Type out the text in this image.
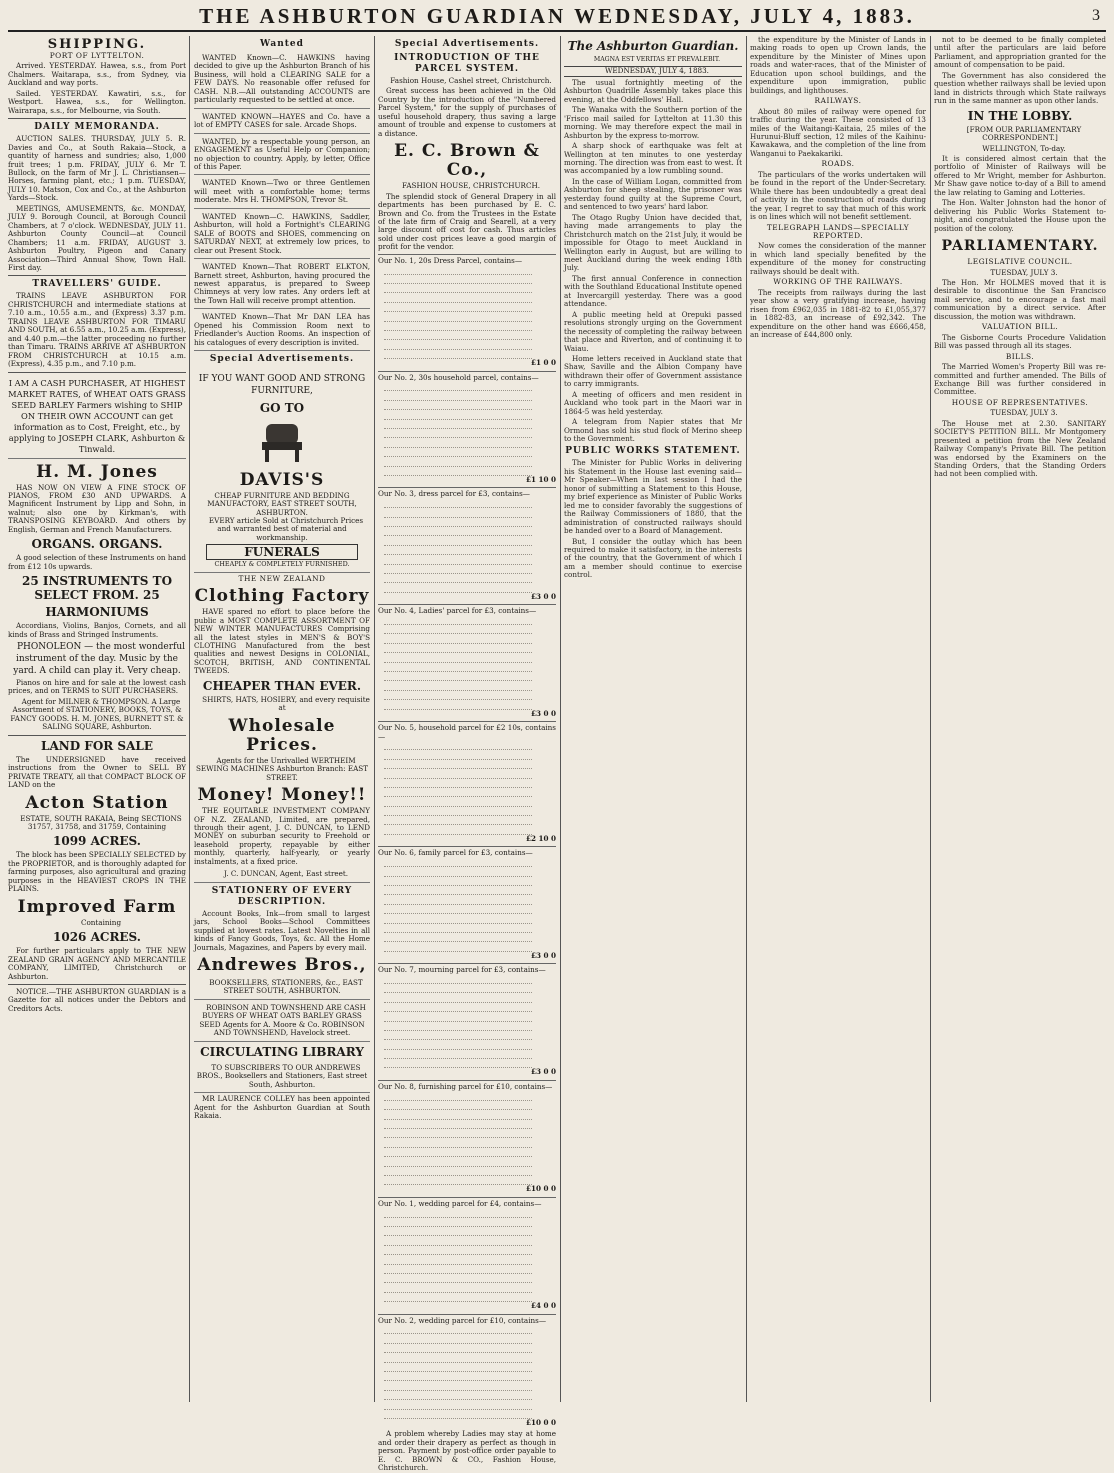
THE ASHBURTON GUARDIAN WEDNESDAY, JULY 4, 1883.	3
SHIPPING.
PORT OF LYTTELTON.

Arrived. YESTERDAY. Hawea, s.s., from Port Chalmers. Waitarapa, s.s., from Sydney, via Auckland and way ports.

Sailed. YESTERDAY. Kawatiri, s.s., for Westport. Hawea, s.s., for Wellington. Wairarapa, s.s., for Melbourne, via South.

DAILY MEMORANDA.

AUCTION SALES. THURSDAY, JULY 5. R. Davies and Co., at South Rakaia—Stock, a quantity of harness and sundries; also, 1,000 fruit trees; 1 p.m. FRIDAY, JULY 6. Mr T. Bullock, on the farm of Mr J. L. Christiansen—Horses, farming plant, etc.; 1 p.m. TUESDAY, JULY 10. Matson, Cox and Co., at the Ashburton Yards—Stock.

MEETINGS, AMUSEMENTS, &c. MONDAY, JULY 9. Borough Council, at Borough Council Chambers, at 7 o'clock. WEDNESDAY, JULY 11. Ashburton County Council—at Council Chambers; 11 a.m. FRIDAY, AUGUST 3. Ashburton Poultry, Pigeon and Canary Association—Third Annual Show, Town Hall. First day.

TRAVELLERS' GUIDE.

TRAINS LEAVE ASHBURTON FOR CHRISTCHURCH and intermediate stations at 7.10 a.m., 10.55 a.m., and (Express) 3.37 p.m. TRAINS LEAVE ASHBURTON FOR TIMARU AND SOUTH, at 6.55 a.m., 10.25 a.m. (Express), and 4.40 p.m.—the latter proceeding no further than Timaru. TRAINS ARRIVE AT ASHBURTON FROM CHRISTCHURCH at 10.15 a.m. (Express), 4.35 p.m., and 7.10 p.m.

I AM A CASH PURCHASER, AT HIGHEST MARKET RATES, of WHEAT OATS GRASS SEED BARLEY Farmers wishing to SHIP ON THEIR OWN ACCOUNT can get information as to Cost, Freight, etc., by applying to JOSEPH CLARK, Ashburton & Tinwald.
H. M. Jones

HAS NOW ON VIEW A FINE STOCK OF PIANOS, FROM £30 AND UPWARDS. A Magnificent Instrument by Lipp and Sohn, in walnut; also one by Kirkman's, with TRANSPOSING KEYBOARD. And others by English, German and French Manufacturers.

ORGANS. ORGANS.

A good selection of these Instruments on hand from £12 10s upwards.

25 INSTRUMENTS TO SELECT FROM. 25
HARMONIUMS

Accordians, Violins, Banjos, Cornets, and all kinds of Brass and Stringed Instruments.

PHONOLEON — the most wonderful instrument of the day. Music by the yard. A child can play it. Very cheap.

Pianos on hire and for sale at the lowest cash prices, and on TERMS to SUIT PURCHASERS.

Agent for MILNER & THOMPSON. A Large Assortment of STATIONERY, BOOKS, TOYS, & FANCY GOODS. H. M. JONES, BURNETT ST. & SALING SQUARE, Ashburton.

LAND FOR SALE

The UNDERSIGNED have received instructions from the Owner to SELL BY PRIVATE TREATY, all that COMPACT BLOCK OF LAND on the

Acton Station

ESTATE, SOUTH RAKAIA, Being SECTIONS 31757, 31758, and 31759, Containing

1099 ACRES.

The block has been SPECIALLY SELECTED by the PROPRIETOR, and is thoroughly adapted for farming purposes, also agricultural and grazing purposes in the HEAVIEST CROPS IN THE PLAINS.

Improved Farm

Containing

1026 ACRES.

For further particulars apply to THE NEW ZEALAND GRAIN AGENCY AND MERCANTILE COMPANY, LIMITED, Christchurch or Ashburton.

NOTICE.—THE ASHBURTON GUARDIAN is a Gazette for all notices under the Debtors and Creditors Acts.

Wanted

WANTED Known—C. HAWKINS having decided to give up the Ashburton Branch of his Business, will hold a CLEARING SALE for a FEW DAYS. No reasonable offer refused for CASH. N.B.—All outstanding ACCOUNTS are particularly requested to be settled at once.

WANTED KNOWN—HAYES and Co. have a lot of EMPTY CASES for sale. Arcade Shops.

WANTED, by a respectable young person, an ENGAGEMENT as Useful Help or Companion; no objection to country. Apply, by letter, Office of this Paper.

WANTED Known—Two or three Gentlemen will meet with a comfortable home; terms moderate. Mrs H. THOMPSON, Trevor St.

WANTED Known—C. HAWKINS, Saddler, Ashburton, will hold a Fortnight's CLEARING SALE of BOOTS and SHOES, commencing on SATURDAY NEXT, at extremely low prices, to clear out Present Stock.

WANTED Known—That ROBERT ELKTON, Barnett street, Ashburton, having procured the newest apparatus, is prepared to Sweep Chimneys at very low rates. Any orders left at the Town Hall will receive prompt attention.

WANTED Known—That Mr DAN LEA has Opened his Commission Room next to Friedlander's Auction Rooms. An inspection of his catalogues of every description is invited.

Special Advertisements.
IF YOU WANT GOOD AND STRONG FURNITURE,
GO TO
DAVIS'S
CHEAP FURNITURE AND BEDDING MANUFACTORY, EAST STREET SOUTH, ASHBURTON.

EVERY article Sold at Christchurch Prices and warranted best of material and workmanship.

FUNERALS
CHEAPLY & COMPLETELY FURNISHED.
THE NEW ZEALAND
Clothing Factory

HAVE spared no effort to place before the public a MOST COMPLETE ASSORTMENT OF NEW WINTER MANUFACTURES Comprising all the latest styles in MEN'S & BOY'S CLOTHING Manufactured from the best qualities and newest Designs in COLONIAL, SCOTCH, BRITISH, AND CONTINENTAL TWEEDS.

CHEAPER THAN EVER.

SHIRTS, HATS, HOSIERY, and every requisite at

Wholesale Prices.

Agents for the Unrivalled WERTHEIM SEWING MACHINES Ashburton Branch: EAST STREET.

Money! Money!!

THE EQUITABLE INVESTMENT COMPANY OF N.Z. ZEALAND, Limited, are prepared, through their agent, J. C. DUNCAN, to LEND MONEY on suburban security to Freehold or leasehold property, repayable by either monthly, quarterly, half-yearly, or yearly instalments, at a fixed price.

J. C. DUNCAN, Agent, East street.

STATIONERY OF EVERY DESCRIPTION.

Account Books, Ink—from small to largest jars, School Books—School Committees supplied at lowest rates. Latest Novelties in all kinds of Fancy Goods, Toys, &c. All the Home Journals, Magazines, and Papers by every mail.

Andrewes Bros.,

BOOKSELLERS, STATIONERS, &c., EAST STREET SOUTH, ASHBURTON.

ROBINSON AND TOWNSHEND ARE CASH BUYERS OF WHEAT OATS BARLEY GRASS SEED Agents for A. Moore & Co. ROBINSON AND TOWNSHEND, Havelock street.

CIRCULATING LIBRARY

TO SUBSCRIBERS TO OUR ANDREWES BROS., Booksellers and Stationers, East street South, Ashburton.

MR LAURENCE COLLEY has been appointed Agent for the Ashburton Guardian at South Rakaia.

Special Advertisements.
INTRODUCTION OF THE PARCEL SYSTEM.

Fashion House, Cashel street, Christchurch.

Great success has been achieved in the Old Country by the introduction of the "Numbered Parcel System," for the supply of purchases of useful household drapery, thus saving a large amount of trouble and expense to customers at a distance.

E. C. Brown & Co.,

FASHION HOUSE, CHRISTCHURCH.

The splendid stock of General Drapery in all departments has been purchased by E. C. Brown and Co. from the Trustees in the Estate of the late firm of Craig and Searell, at a very large discount off cost for cash. Thus articles sold under cost prices leave a good margin of profit for the vendor.

Our No. 1, 20s Dress Parcel, contains—
£1 0 0
Our No. 2, 30s household parcel, contains—
£1 10 0
Our No. 3, dress parcel for £3, contains—
£3 0 0
Our No. 4, Ladies' parcel for £3, contains—
£3 0 0
Our No. 5, household parcel for £2 10s, contains—
£2 10 0
Our No. 6, family parcel for £3, contains—
£3 0 0
Our No. 7, mourning parcel for £3, contains—
£3 0 0
Our No. 8, furnishing parcel for £10, contains—
£10 0 0
Our No. 1, wedding parcel for £4, contains—
£4 0 0
Our No. 2, wedding parcel for £10, contains—
£10 0 0

A problem whereby Ladies may stay at home and order their drapery as perfect as though in person. Payment by post-office order payable to E. C. BROWN & CO., Fashion House, Christchurch.

The Ashburton Guardian.

MAGNA EST VERITAS ET PREVALEBIT.

WEDNESDAY, JULY 4, 1883.

The usual fortnightly meeting of the Ashburton Quadrille Assembly takes place this evening, at the Oddfellows' Hall.

The Wanaka with the Southern portion of the 'Frisco mail sailed for Lyttelton at 11.30 this morning. We may therefore expect the mail in Ashburton by the express to-morrow.

A sharp shock of earthquake was felt at Wellington at ten minutes to one yesterday morning. The direction was from east to west. It was accompanied by a low rumbling sound.

In the case of William Logan, committed from Ashburton for sheep stealing, the prisoner was yesterday found guilty at the Supreme Court, and sentenced to two years' hard labor.

The Otago Rugby Union have decided that, having made arrangements to play the Christchurch match on the 21st July, it would be impossible for Otago to meet Auckland in Wellington early in August, but are willing to meet Auckland during the week ending 18th July.

The first annual Conference in connection with the Southland Educational Institute opened at Invercargill yesterday. There was a good attendance.

A public meeting held at Orepuki passed resolutions strongly urging on the Government the necessity of completing the railway between that place and Riverton, and of continuing it to Waiau.

Home letters received in Auckland state that Shaw, Saville and the Albion Company have withdrawn their offer of Government assistance to carry immigrants.

A meeting of officers and men resident in Auckland who took part in the Maori war in 1864-5 was held yesterday.

A telegram from Napier states that Mr Ormond has sold his stud flock of Merino sheep to the Government.

PUBLIC WORKS STATEMENT.

The Minister for Public Works in delivering his Statement in the House last evening said—Mr Speaker—When in last session I had the honor of submitting a Statement to this House, my brief experience as Minister of Public Works led me to consider favorably the suggestions of the Railway Commissioners of 1880, that the administration of constructed railways should be handed over to a Board of Management.

But, I consider the outlay which has been required to make it satisfactory, in the interests of the country, that the Government of which I am a member should continue to exercise control.

the expenditure by the Minister of Lands in making roads to open up Crown lands, the expenditure by the Minister of Mines upon roads and water-races, that of the Minister of Education upon school buildings, and the expenditure upon immigration, public buildings, and lighthouses.

RAILWAYS.

About 80 miles of railway were opened for traffic during the year. These consisted of 13 miles of the Waitangi-Kaitaia, 25 miles of the Hurunui-Bluff section, 12 miles of the Kaihinu-Kawakawa, and the completion of the line from Wanganui to Paekakariki.

ROADS.

The particulars of the works undertaken will be found in the report of the Under-Secretary. While there has been undoubtedly a great deal of activity in the construction of roads during the year, I regret to say that much of this work is on lines which will not benefit settlement.

TELEGRAPH LANDS—SPECIALLY REPORTED.

Now comes the consideration of the manner in which land specially benefited by the expenditure of the money for constructing railways should be dealt with.

WORKING OF THE RAILWAYS.

The receipts from railways during the last year show a very gratifying increase, having risen from £962,035 in 1881-82 to £1,055,377 in 1882-83, an increase of £92,342. The expenditure on the other hand was £666,458, an increase of £44,800 only.

not to be deemed to be finally completed until after the particulars are laid before Parliament, and appropriation granted for the amount of compensation to be paid.

The Government has also considered the question whether railways shall be levied upon land in districts through which State railways run in the same manner as upon other lands.

IN THE LOBBY.

[FROM OUR PARLIAMENTARY CORRESPONDENT.]

WELLINGTON, To-day.

It is considered almost certain that the portfolio of Minister of Railways will be offered to Mr Wright, member for Ashburton. Mr Shaw gave notice to-day of a Bill to amend the law relating to Gaming and Lotteries.

The Hon. Walter Johnston had the honor of delivering his Public Works Statement to-night, and congratulated the House upon the position of the colony.

PARLIAMENTARY.
LEGISLATIVE COUNCIL.

TUESDAY, JULY 3.

The Hon. Mr HOLMES moved that it is desirable to discontinue the San Francisco mail service, and to encourage a fast mail communication by a direct service. After discussion, the motion was withdrawn.

VALUATION BILL.

The Gisborne Courts Procedure Validation Bill was passed through all its stages.

BILLS.

The Married Women's Property Bill was re-committed and further amended. The Bills of Exchange Bill was further considered in Committee.

HOUSE OF REPRESENTATIVES.

TUESDAY, JULY 3.

The House met at 2.30. SANITARY SOCIETY'S PETITION BILL. Mr Montgomery presented a petition from the New Zealand Railway Company's Private Bill. The petition was endorsed by the Examiners on the Standing Orders, that the Standing Orders had not been complied with.
